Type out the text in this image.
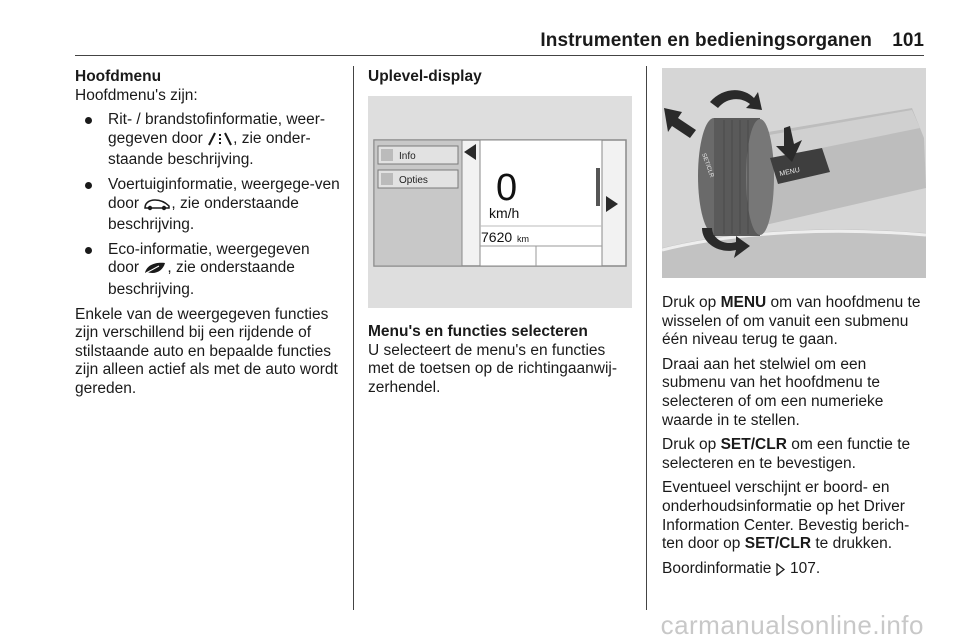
Instrumenten en bedieningsorganen 101

Hoofdmenu

Hoofdmenu's zijn:

Rit- / brandstofinformatie, weer-gegeven door , zie onder-staande beschrijving.
Voertuiginformatie, weergege-ven door , zie onderstaande beschrijving.
Eco-informatie, weergegeven door , zie onderstaande beschrijving.

Enkele van de weergegeven functies zijn verschillend bij een rijdende of stilstaande auto en bepaalde functies zijn alleen actief als met de auto wordt gereden.

Uplevel-display

Info
Opties 0
km/h
7620 km

Menu's en functies selecteren

U selecteert de menu's en functies met de toetsen op de richtingaanwij-zerhendel.

MENU
SET/CLR

Druk op MENU om van hoofdmenu te wisselen of om vanuit een submenu één niveau terug te gaan.

Draai aan het stelwiel om een submenu van het hoofdmenu te selecteren of om een numerieke waarde in te stellen.

Druk op SET/CLR om een functie te selecteren en te bevestigen.

Eventueel verschijnt er boord- en onderhoudsinformatie op het Driver Information Center. Bevestig berich-ten door op SET/CLR te drukken.

Boordinformatie  107.

carmanualsonline.info
